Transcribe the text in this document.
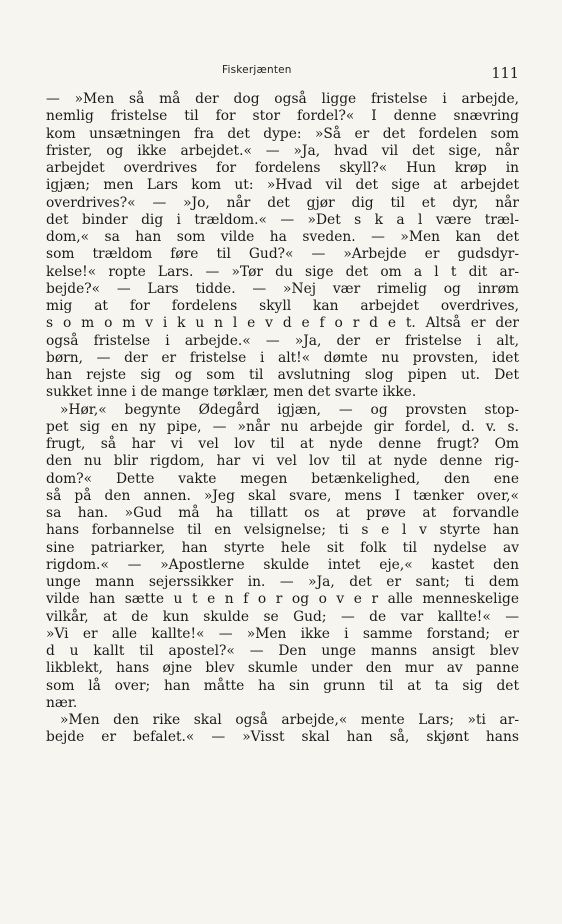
Fiskerjænten	111
— »Men så må der dog også ligge fristelse i arbejde,
nemlig fristelse til for stor fordel?« I denne snævring
kom unsætningen fra det dype: »Så er det fordelen som
frister, og ikke arbejdet.« — »Ja, hvad vil det sige, når
arbejdet overdrives for fordelens skyll?« Hun krøp in
igjæn; men Lars kom ut: »Hvad vil det sige at arbejdet
overdrives?« — »Jo, når det gjør dig til et dyr, når
det binder dig i trældom.« — »Det s k a l være træl-
dom,« sa han som vilde ha sveden. — »Men kan det
som trældom føre til Gud?« — »Arbejde er gudsdyr-
kelse!« ropte Lars. — »Tør du sige det om a l t dit ar-
bejde?« — Lars tidde. — »Nej vær rimelig og inrøm
mig at for fordelens skyll kan arbejdet overdrives,
s o m o m v i k u n l e v d e f o r d e t. Altså er der
også fristelse i arbejde.« — »Ja, der er fristelse i alt,
børn, — der er fristelse i alt!« dømte nu provsten, idet
han rejste sig og som til avslutning slog pipen ut. Det
sukket inne i de mange tørklær, men det svarte ikke.
»Hør,« begynte Ødegård igjæn, — og provsten stop-
pet sig en ny pipe, — »når nu arbejde gir fordel, d. v. s.
frugt, så har vi vel lov til at nyde denne frugt? Om
den nu blir rigdom, har vi vel lov til at nyde denne rig-
dom?« Dette vakte megen betænkelighed, den ene
så på den annen. »Jeg skal svare, mens I tænker over,«
sa han. »Gud må ha tillatt os at prøve at forvandle
hans forbannelse til en velsignelse; ti s e l v styrte han
sine patriarker, han styrte hele sit folk til nydelse av
rigdom.« — »Apostlerne skulde intet eje,« kastet den
unge mann sejerssikker in. — »Ja, det er sant; ti dem
vilde han sætte u t e n f o r og o v e r alle menneskelige
vilkår, at de kun skulde se Gud; — de var kallte!« —
»Vi er alle kallte!« — »Men ikke i samme forstand; er
d u kallt til apostel?« — Den unge manns ansigt blev
likblekt, hans øjne blev skumle under den mur av panne
som lå over; han måtte ha sin grunn til at ta sig det
nær.
»Men den rike skal også arbejde,« mente Lars; »ti ar-
bejde er befalet.« — »Visst skal han så, skjønt hans
